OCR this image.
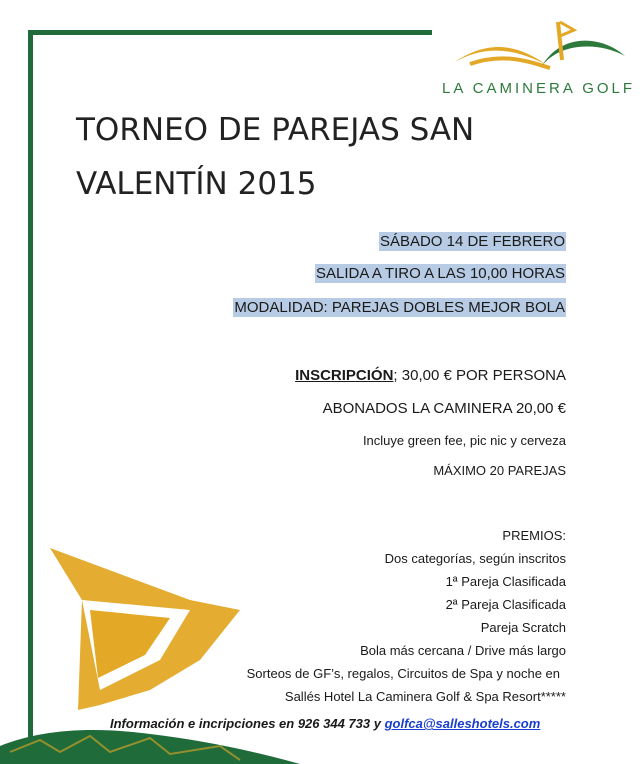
LA CAMINERA GOLF
TORNEO DE PAREJAS SAN
VALENTÍN 2015
SÁBADO 14 DE FEBRERO
SALIDA A TIRO A LAS 10,00 HORAS
MODALIDAD: PAREJAS DOBLES MEJOR BOLA
INSCRIPCIÓN; 30,00 € POR PERSONA
ABONADOS LA CAMINERA 20,00 €
Incluye green fee, pic nic y cerveza
MÁXIMO 20 PAREJAS
PREMIOS:
Dos categorías, según inscritos
1ª Pareja Clasificada
2ª Pareja Clasificada
Pareja Scratch
Bola más cercana / Drive más largo
Sorteos de GF’s, regalos, Circuitos de Spa y noche en
Sallés Hotel La Caminera Golf & Spa Resort*****
Información e incripciones en 926 344 733 y golfca@salleshotels.com
